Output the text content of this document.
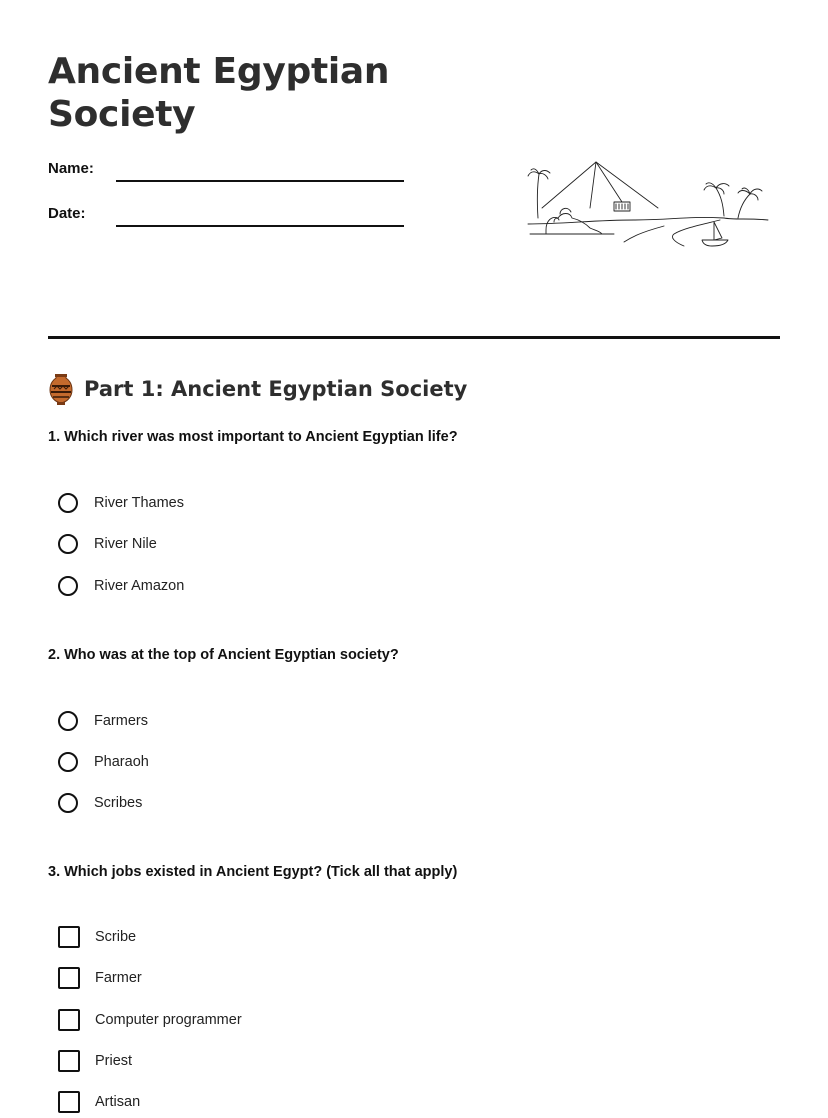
Ancient Egyptian Society
Name:
Date:
Part 1: Ancient Egyptian Society

1. Which river was most important to Ancient Egyptian life?

River Thames
River Nile
River Amazon

2. Who was at the top of Ancient Egyptian society?

Farmers
Pharaoh
Scribes

3. Which jobs existed in Ancient Egypt? (Tick all that apply)

Scribe
Farmer
Computer programmer
Priest
Artisan
